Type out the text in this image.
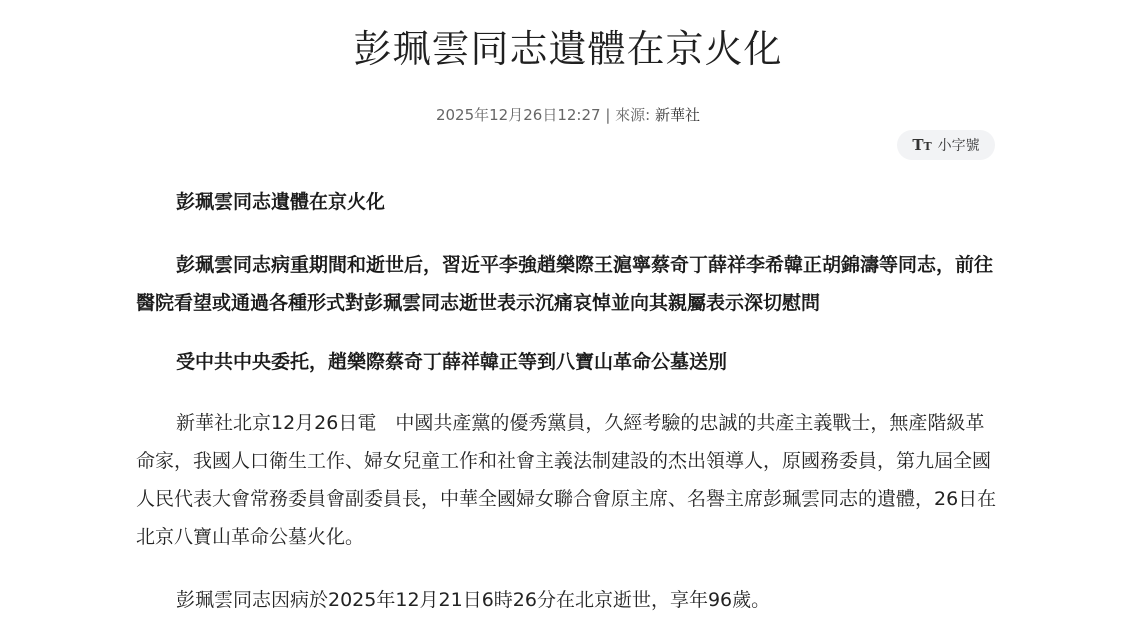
彭珮雲同志遺體在京火化
2025年12月26日12:27 | 來源: 新華社
TT 小字號

彭珮雲同志遺體在京火化

彭珮雲同志病重期間和逝世后，習近平李強趙樂際王滬寧蔡奇丁薛祥李希韓正胡錦濤等同志，前往醫院看望或通過各種形式對彭珮雲同志逝世表示沉痛哀悼並向其親屬表示深切慰問

受中共中央委托，趙樂際蔡奇丁薛祥韓正等到八寶山革命公墓送別

新華社北京12月26日電　中國共產黨的優秀黨員，久經考驗的忠誠的共產主義戰士，無產階級革命家，我國人口衛生工作、婦女兒童工作和社會主義法制建設的杰出領導人，原國務委員，第九屆全國人民代表大會常務委員會副委員長，中華全國婦女聯合會原主席、名譽主席彭珮雲同志的遺體，26日在北京八寶山革命公墓火化。

彭珮雲同志因病於2025年12月21日6時26分在北京逝世，享年96歲。
